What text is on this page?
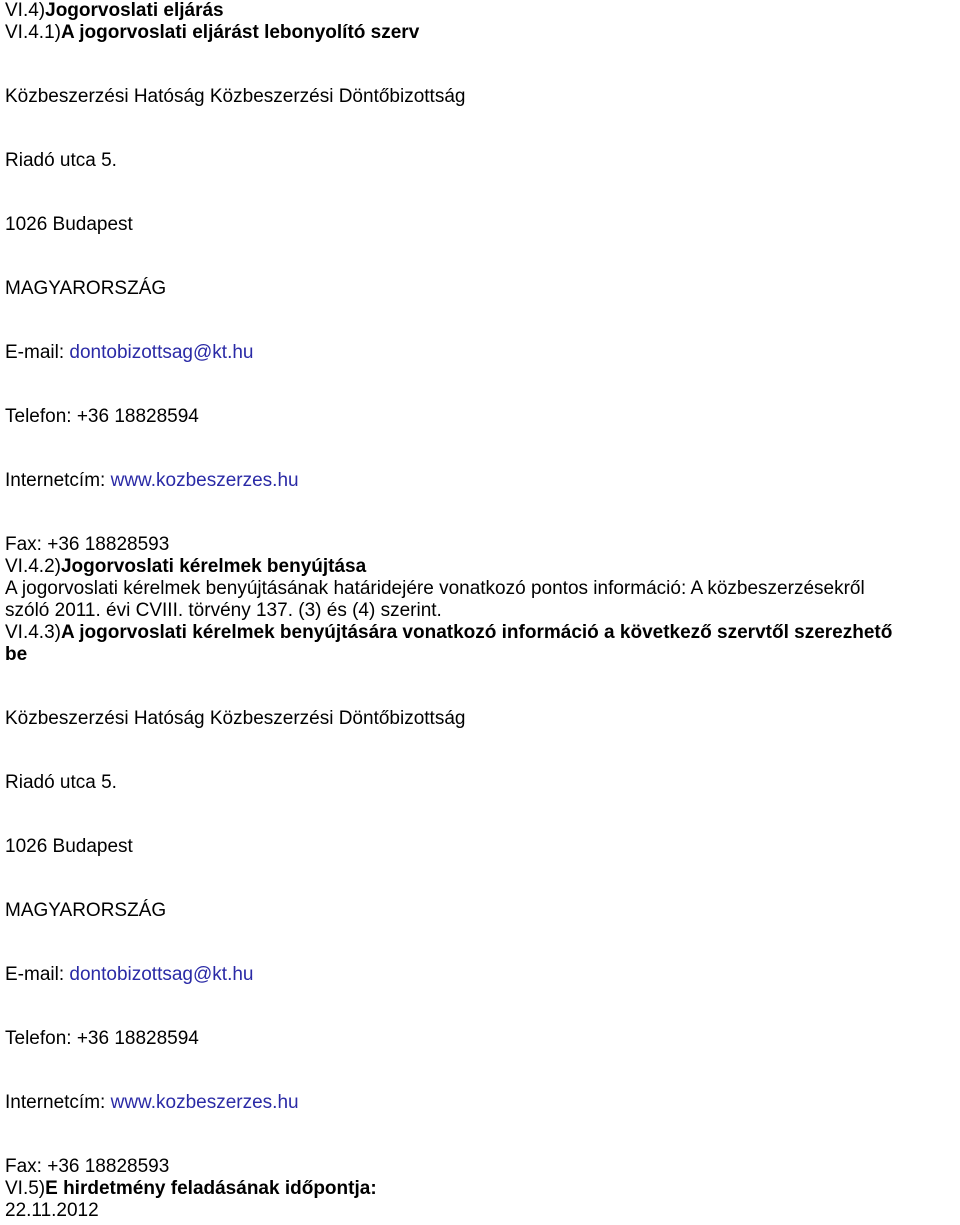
VI.4)Jogorvoslati eljárás
VI.4.1)A jogorvoslati eljárást lebonyolító szerv
Közbeszerzési Hatóság Közbeszerzési Döntőbizottság
Riadó utca 5.
1026 Budapest
MAGYARORSZÁG
E-mail: dontobizottsag@kt.hu
Telefon: +36 18828594
Internetcím: www.kozbeszerzes.hu
Fax: +36 18828593
VI.4.2)Jogorvoslati kérelmek benyújtása
A jogorvoslati kérelmek benyújtásának határidejére vonatkozó pontos információ: A közbeszerzésekről
szóló 2011. évi CVIII. törvény 137. (3) és (4) szerint.
VI.4.3)A jogorvoslati kérelmek benyújtására vonatkozó információ a következő szervtől szerezhető
be
Közbeszerzési Hatóság Közbeszerzési Döntőbizottság
Riadó utca 5.
1026 Budapest
MAGYARORSZÁG
E-mail: dontobizottsag@kt.hu
Telefon: +36 18828594
Internetcím: www.kozbeszerzes.hu
Fax: +36 18828593
VI.5)E hirdetmény feladásának időpontja:
22.11.2012
